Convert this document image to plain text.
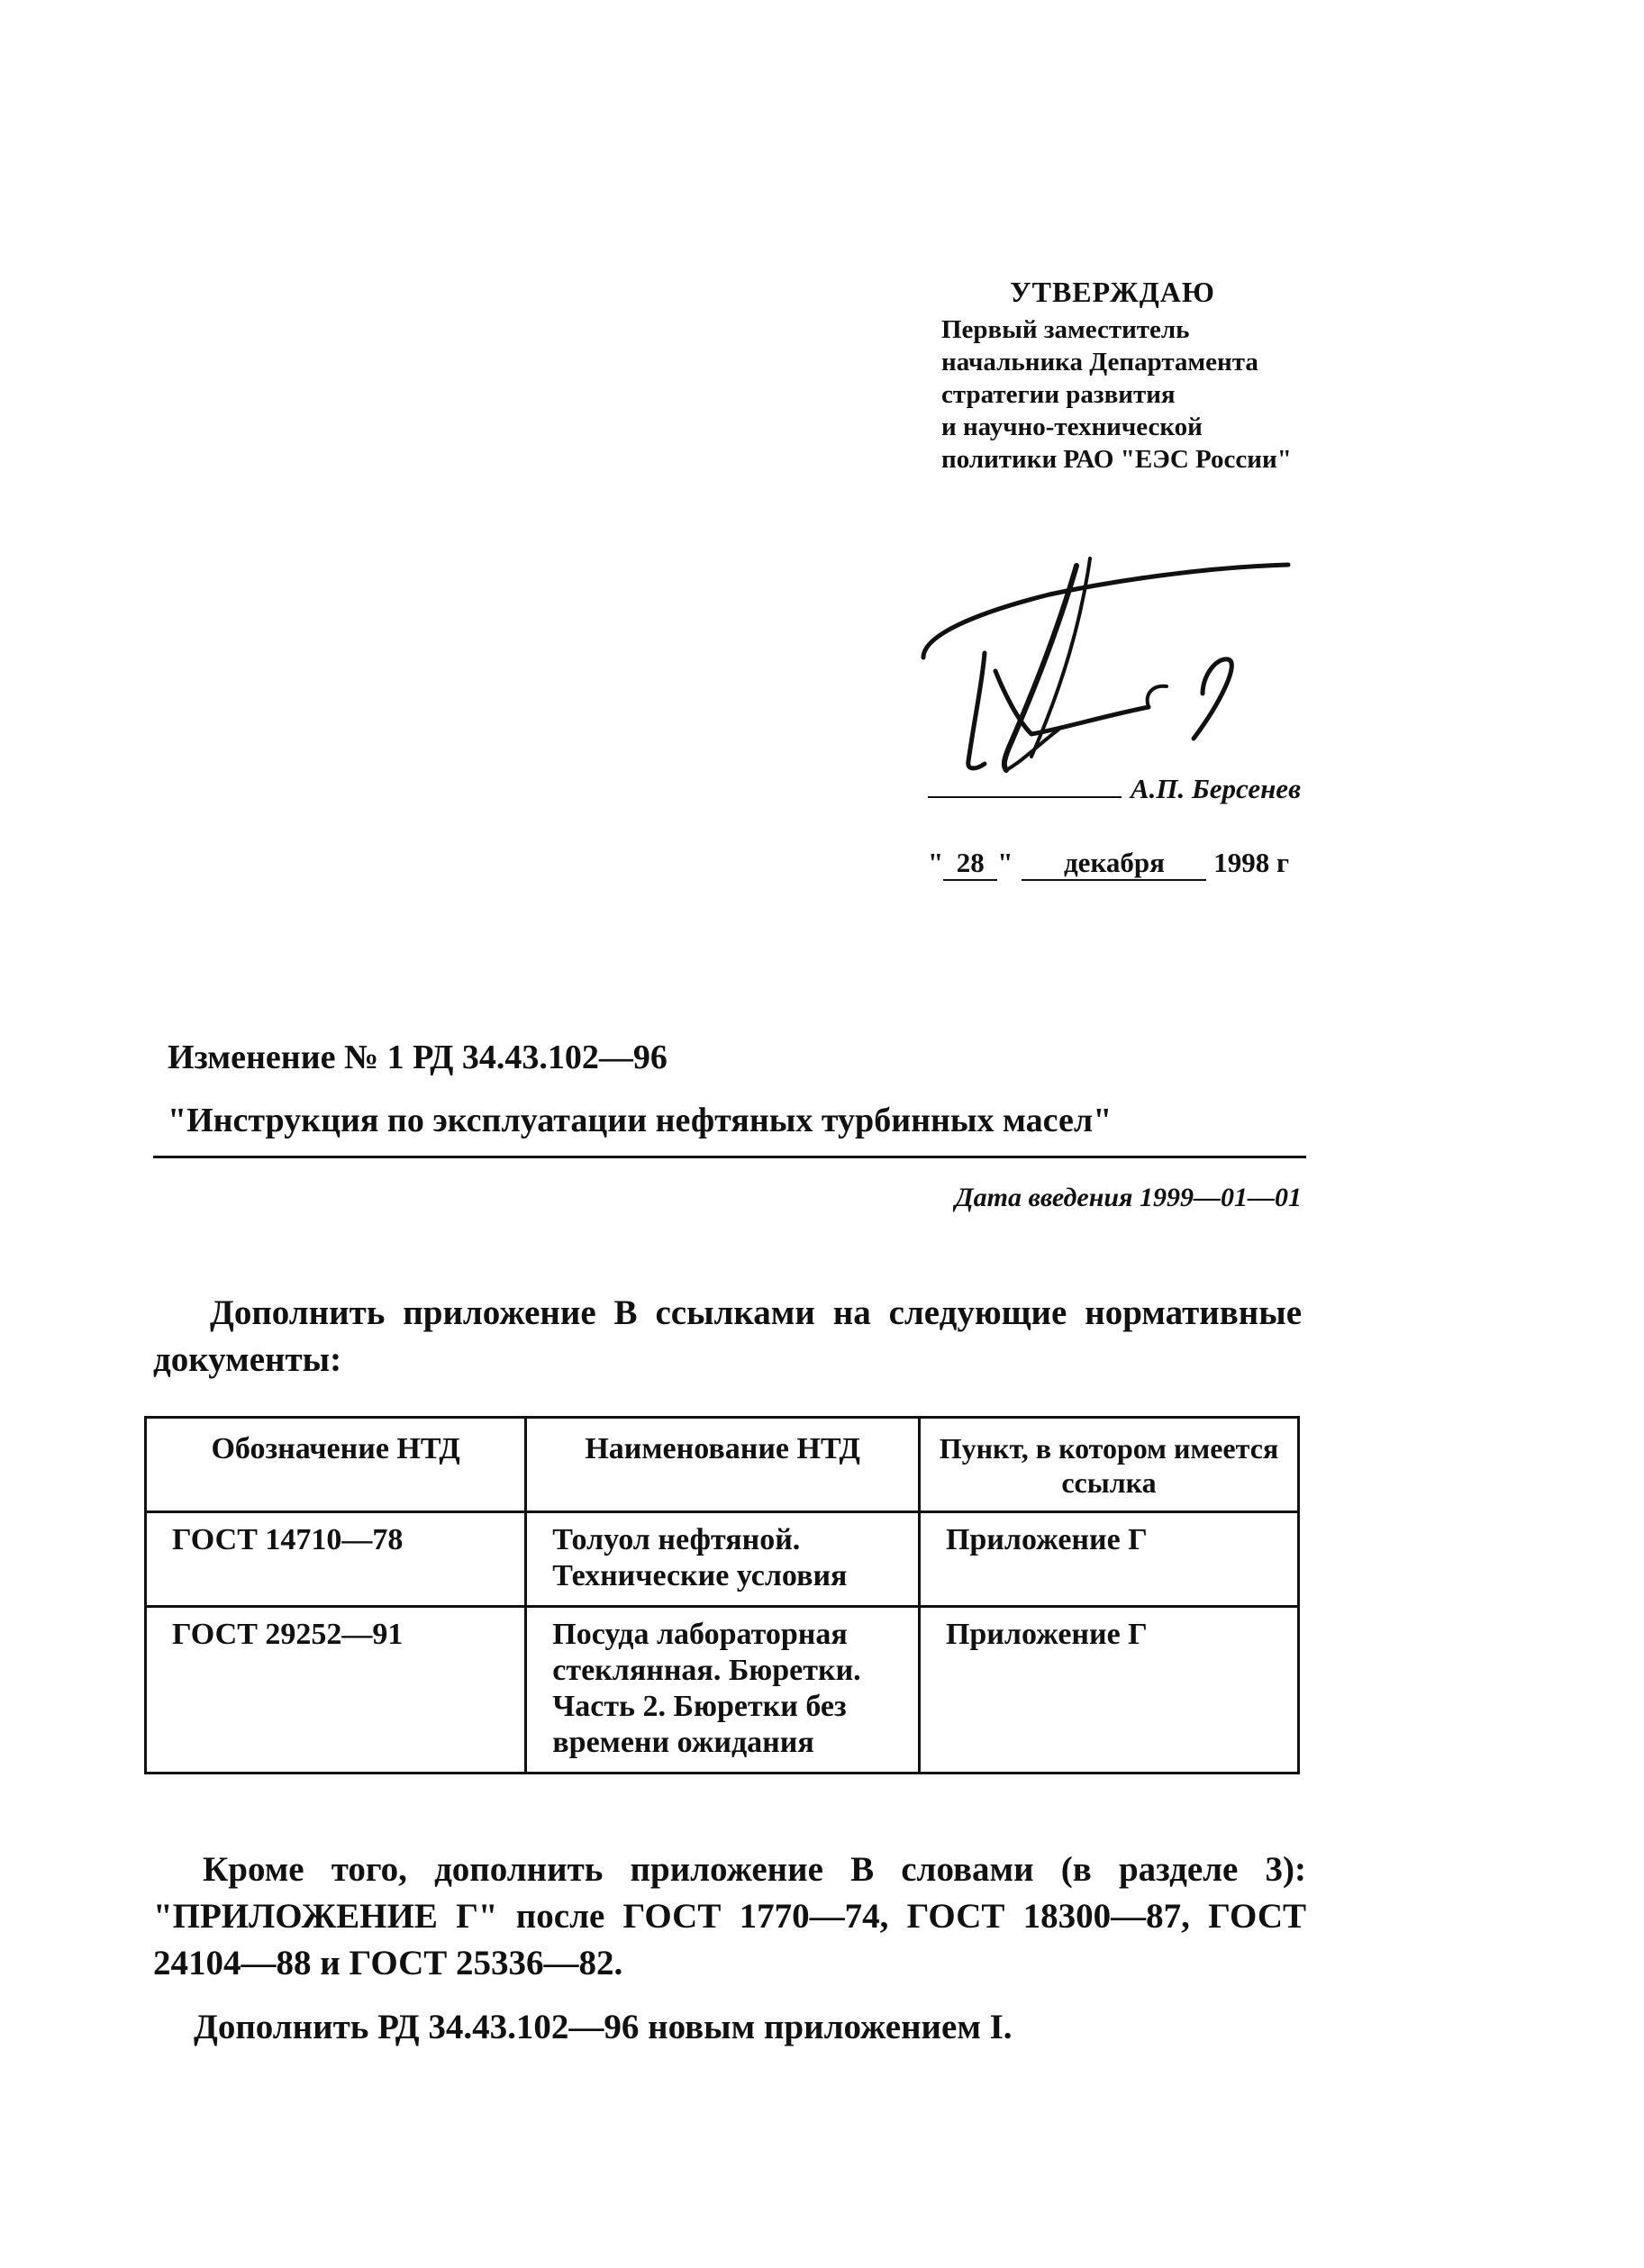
УТВЕРЖДАЮ
Первый заместитель
начальника Департамента
стратегии развития
и научно-технической
политики РАО "ЕЭС России"
А.П. Берсенев
" 28 " декабря 1998 г
Изменение № 1 РД 34.43.102—96
"Инструкция по эксплуатации нефтяных турбинных масел"
Дата введения 1999—01—01
Дополнить приложение В ссылками на следующие нормативные документы:
Обозначение НТД	Наименование НТД	Пункт, в котором имеется ссылка
ГОСТ 14710—78	Толуол нефтяной. Технические условия	Приложение Г
ГОСТ 29252—91	Посуда лабораторная стеклянная. Бюретки. Часть 2. Бюретки без времени ожидания	Приложение Г
Кроме того, дополнить приложение В словами (в разделе 3): "ПРИЛОЖЕНИЕ Г" после ГОСТ 1770—74, ГОСТ 18300—87, ГОСТ 24104—88 и ГОСТ 25336—82.
Дополнить РД 34.43.102—96 новым приложением I.
